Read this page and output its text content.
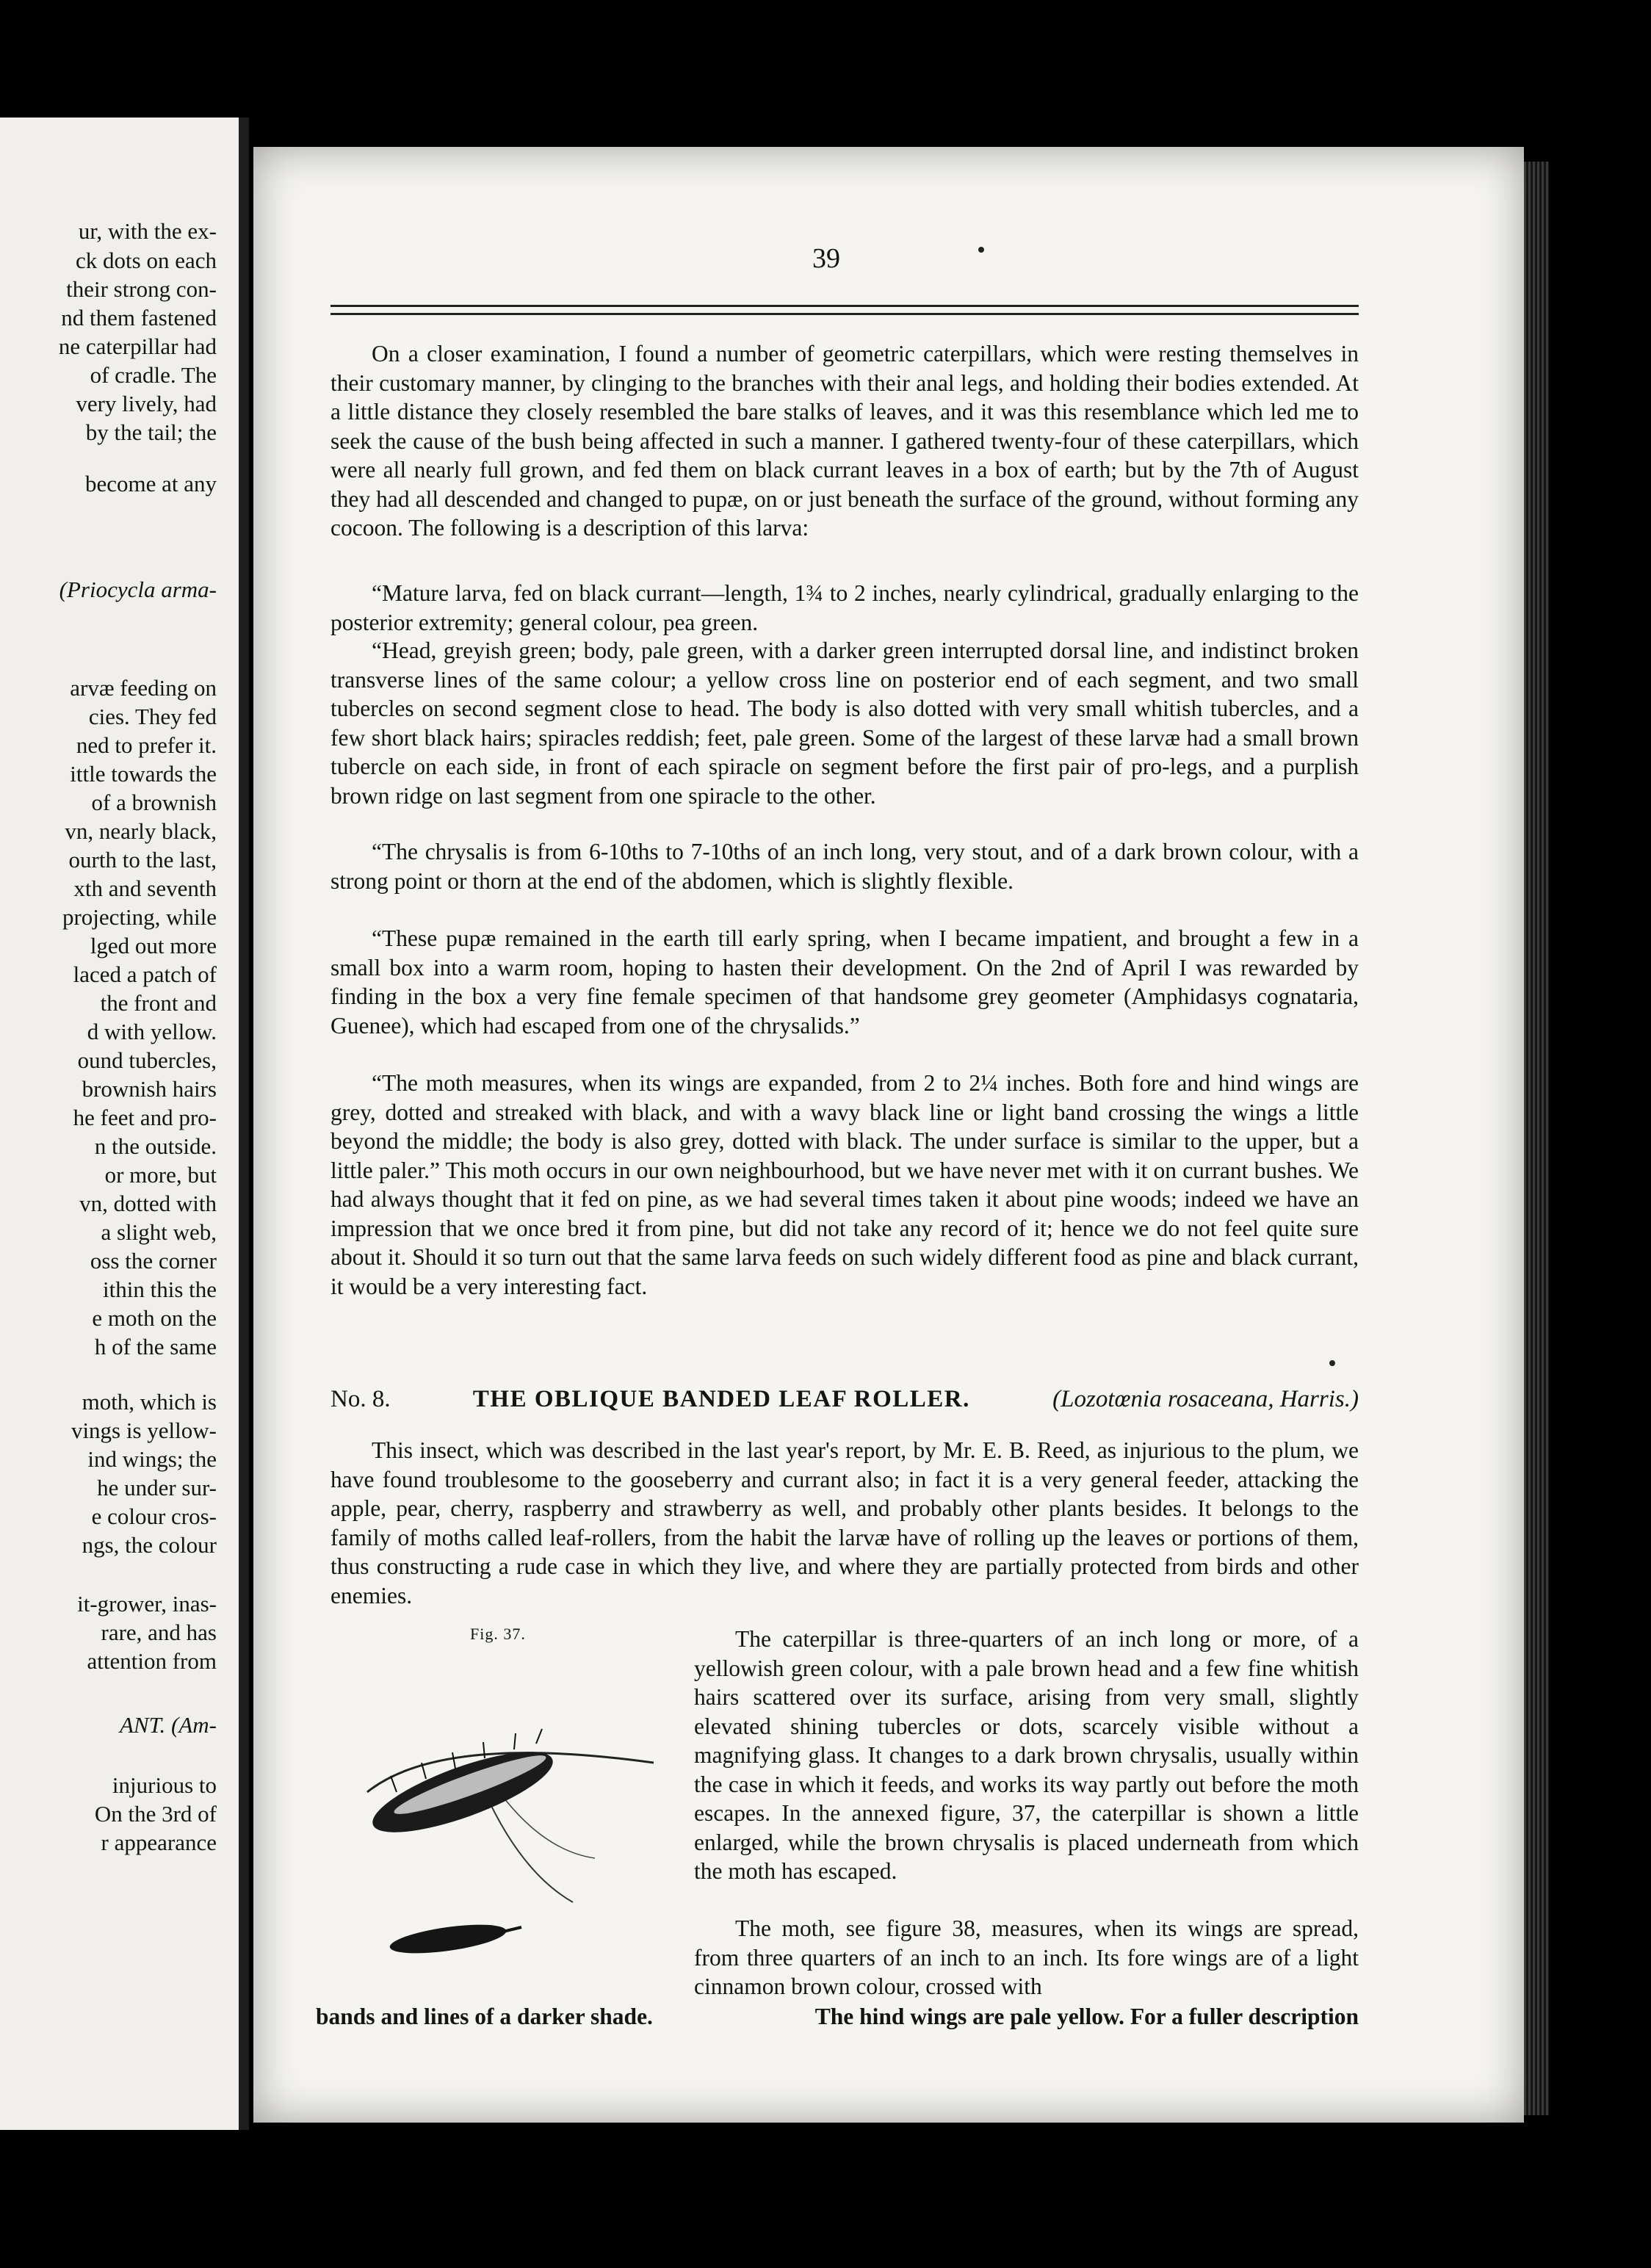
ur, with the ex-
ck dots on each
their strong con-
nd them fastened
ne caterpillar had
of cradle. The
very lively, had
by the tail; the
become at any
(Priocycla arma-
arvæ feeding on
cies. They fed
ned to prefer it.
ittle towards the
of a brownish
vn, nearly black,
ourth to the last,
xth and seventh
projecting, while
lged out more
laced a patch of
the front and
d with yellow.
ound tubercles,
brownish hairs
he feet and pro-
n the outside.
or more, but
vn, dotted with
a slight web,
oss the corner
ithin this the
e moth on the
h of the same
moth, which is
vings is yellow-
ind wings; the
he under sur-
e colour cros-
ngs, the colour
it-grower, inas-
rare, and has
attention from
ANT. (Am-
injurious to
On the 3rd of
r appearance
39

On a closer examination, I found a number of geometric caterpillars, which were resting themselves in their customary manner, by clinging to the branches with their anal legs, and holding their bodies extended. At a little distance they closely resembled the bare stalks of leaves, and it was this resemblance which led me to seek the cause of the bush being affected in such a manner. I gathered twenty-four of these caterpillars, which were all nearly full grown, and fed them on black currant leaves in a box of earth; but by the 7th of August they had all descended and changed to pupæ, on or just beneath the surface of the ground, without forming any cocoon. The following is a description of this larva:

“Mature larva, fed on black currant—length, 1¾ to 2 inches, nearly cylindrical, gradually enlarging to the posterior extremity; general colour, pea green.

“Head, greyish green; body, pale green, with a darker green interrupted dorsal line, and indistinct broken transverse lines of the same colour; a yellow cross line on posterior end of each segment, and two small tubercles on second segment close to head. The body is also dotted with very small whitish tubercles, and a few short black hairs; spiracles reddish; feet, pale green. Some of the largest of these larvæ had a small brown tubercle on each side, in front of each spiracle on segment before the first pair of pro-legs, and a purplish brown ridge on last segment from one spiracle to the other.

“The chrysalis is from 6-10ths to 7-10ths of an inch long, very stout, and of a dark brown colour, with a strong point or thorn at the end of the abdomen, which is slightly flexible.

“These pupæ remained in the earth till early spring, when I became impatient, and brought a few in a small box into a warm room, hoping to hasten their development. On the 2nd of April I was rewarded by finding in the box a very fine female specimen of that handsome grey geometer (Amphidasys cognataria, Guenee), which had escaped from one of the chrysalids.”

“The moth measures, when its wings are expanded, from 2 to 2¼ inches. Both fore and hind wings are grey, dotted and streaked with black, and with a wavy black line or light band crossing the wings a little beyond the middle; the body is also grey, dotted with black. The under surface is similar to the upper, but a little paler.” This moth occurs in our own neighbourhood, but we have never met with it on currant bushes. We had always thought that it fed on pine, as we had several times taken it about pine woods; indeed we have an impression that we once bred it from pine, but did not take any record of it; hence we do not feel quite sure about it. Should it so turn out that the same larva feeds on such widely different food as pine and black currant, it would be a very interesting fact.

No. 8.	THE OBLIQUE BANDED LEAF ROLLER.	(Lozotœnia rosaceana, Harris.)

This insect, which was described in the last year's report, by Mr. E. B. Reed, as injurious to the plum, we have found troublesome to the gooseberry and currant also; in fact it is a very general feeder, attacking the apple, pear, cherry, raspberry and strawberry as well, and probably other plants besides. It belongs to the family of moths called leaf-rollers, from the habit the larvæ have of rolling up the leaves or portions of them, thus constructing a rude case in which they live, and where they are partially protected from birds and other enemies.

Fig. 37.	The caterpillar is three-quarters of an inch long or more, of a yellowish green colour, with a pale brown head and a few fine whitish hairs scattered over its surface, arising from very small, slightly elevated shining tubercles or dots, scarcely visible without a magnifying glass. It changes to a dark brown chrysalis, usually within the case in which it feeds, and works its way partly out before the moth escapes. In the annexed figure, 37, the caterpillar is shown a little enlarged, while the brown chrysalis is placed underneath from which the moth has escaped.

The moth, see figure 38, measures, when its wings are spread, from three quarters of an inch to an inch. Its fore wings are of a light cinnamon brown colour, crossed with

bands and lines of a darker shade.	The hind wings are pale yellow. For a fuller description
